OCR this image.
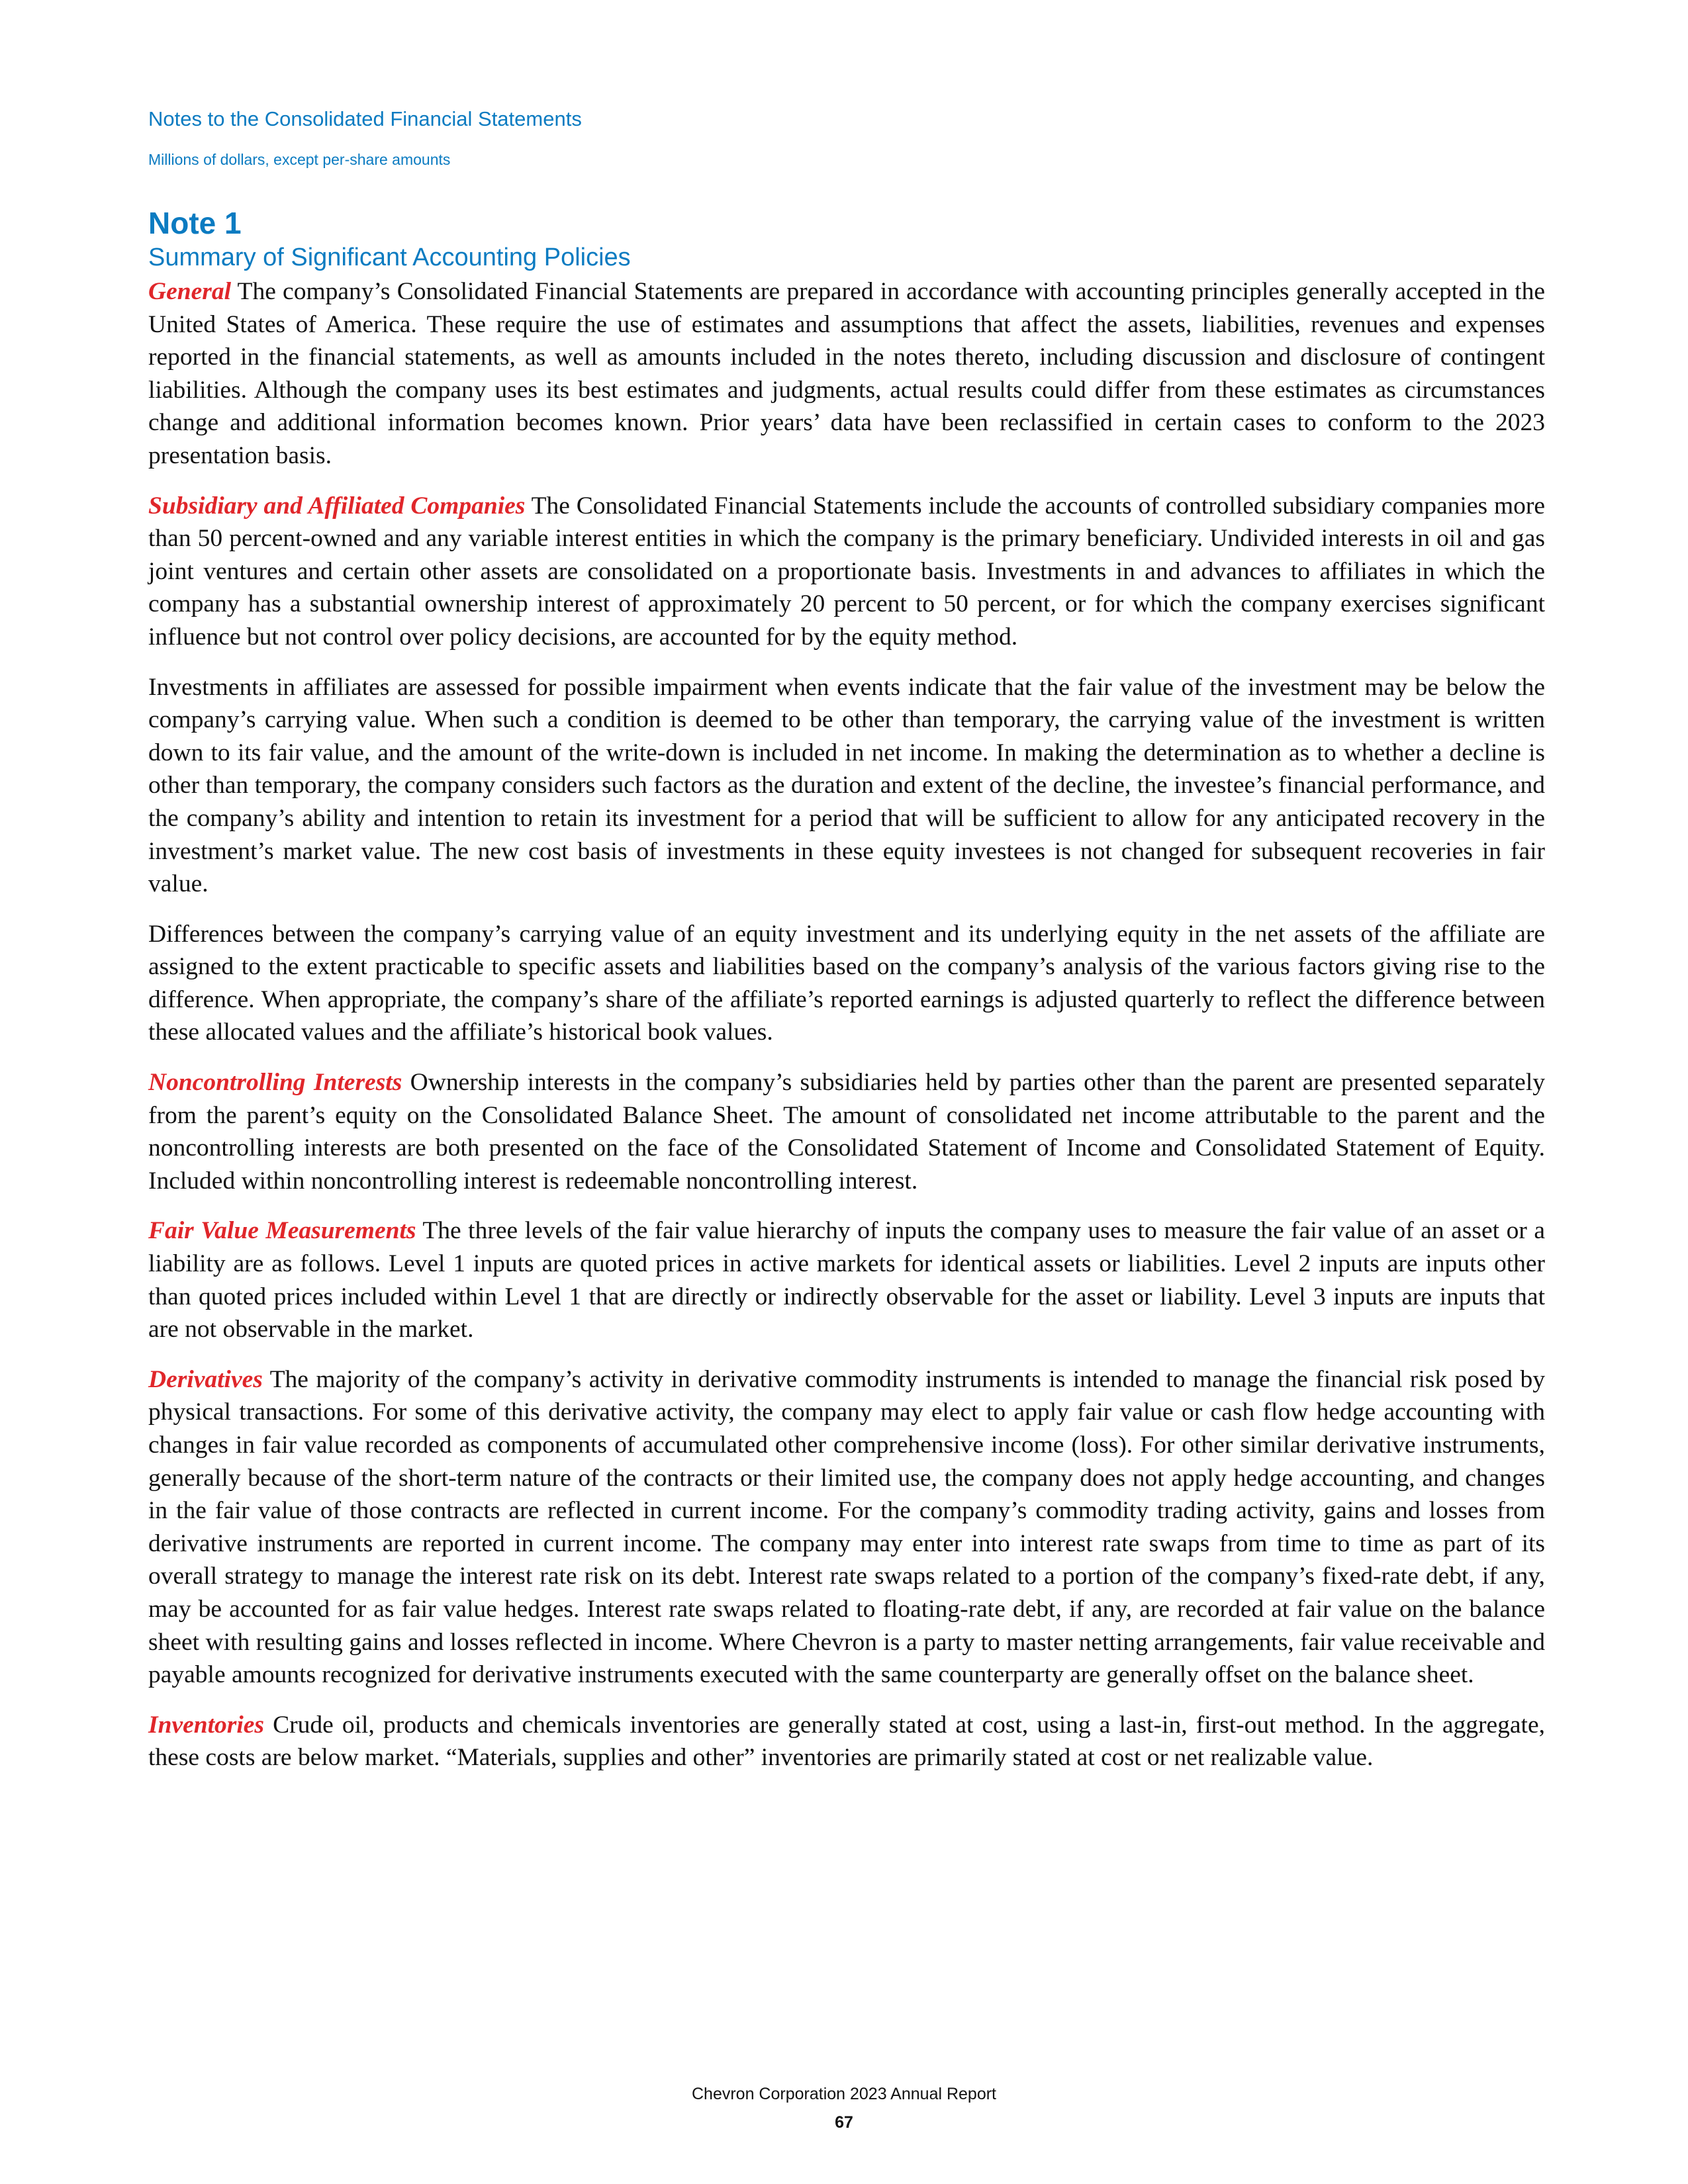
Notes to the Consolidated Financial Statements
Millions of dollars, except per-share amounts
Note 1
Summary of Significant Accounting Policies

General The company’s Consolidated Financial Statements are prepared in accordance with accounting principles generally accepted in the United States of America. These require the use of estimates and assumptions that affect the assets, liabilities, revenues and expenses reported in the financial statements, as well as amounts included in the notes thereto, including discussion and disclosure of contingent liabilities. Although the company uses its best estimates and judgments, actual results could differ from these estimates as circumstances change and additional information becomes known. Prior years’ data have been reclassified in certain cases to conform to the 2023 presentation basis.

Subsidiary and Affiliated Companies The Consolidated Financial Statements include the accounts of controlled subsidiary companies more than 50 percent-owned and any variable interest entities in which the company is the primary beneficiary. Undivided interests in oil and gas joint ventures and certain other assets are consolidated on a proportionate basis. Investments in and advances to affiliates in which the company has a substantial ownership interest of approximately 20 percent to 50 percent, or for which the company exercises significant influence but not control over policy decisions, are accounted for by the equity method.

Investments in affiliates are assessed for possible impairment when events indicate that the fair value of the investment may be below the company’s carrying value. When such a condition is deemed to be other than temporary, the carrying value of the investment is written down to its fair value, and the amount of the write-down is included in net income. In making the determination as to whether a decline is other than temporary, the company considers such factors as the duration and extent of the decline, the investee’s financial performance, and the company’s ability and intention to retain its investment for a period that will be sufficient to allow for any anticipated recovery in the investment’s market value. The new cost basis of investments in these equity investees is not changed for subsequent recoveries in fair value.

Differences between the company’s carrying value of an equity investment and its underlying equity in the net assets of the affiliate are assigned to the extent practicable to specific assets and liabilities based on the company’s analysis of the various factors giving rise to the difference. When appropriate, the company’s share of the affiliate’s reported earnings is adjusted quarterly to reflect the difference between these allocated values and the affiliate’s historical book values.

Noncontrolling Interests Ownership interests in the company’s subsidiaries held by parties other than the parent are presented separately from the parent’s equity on the Consolidated Balance Sheet. The amount of consolidated net income attributable to the parent and the noncontrolling interests are both presented on the face of the Consolidated Statement of Income and Consolidated Statement of Equity. Included within noncontrolling interest is redeemable noncontrolling interest.

Fair Value Measurements The three levels of the fair value hierarchy of inputs the company uses to measure the fair value of an asset or a liability are as follows. Level 1 inputs are quoted prices in active markets for identical assets or liabilities. Level 2 inputs are inputs other than quoted prices included within Level 1 that are directly or indirectly observable for the asset or liability. Level 3 inputs are inputs that are not observable in the market.

Derivatives The majority of the company’s activity in derivative commodity instruments is intended to manage the financial risk posed by physical transactions. For some of this derivative activity, the company may elect to apply fair value or cash flow hedge accounting with changes in fair value recorded as components of accumulated other comprehensive income (loss). For other similar derivative instruments, generally because of the short-term nature of the contracts or their limited use, the company does not apply hedge accounting, and changes in the fair value of those contracts are reflected in current income. For the company’s commodity trading activity, gains and losses from derivative instruments are reported in current income. The company may enter into interest rate swaps from time to time as part of its overall strategy to manage the interest rate risk on its debt. Interest rate swaps related to a portion of the company’s fixed-rate debt, if any, may be accounted for as fair value hedges. Interest rate swaps related to floating-rate debt, if any, are recorded at fair value on the balance sheet with resulting gains and losses reflected in income. Where Chevron is a party to master netting arrangements, fair value receivable and payable amounts recognized for derivative instruments executed with the same counterparty are generally offset on the balance sheet.

Inventories Crude oil, products and chemicals inventories are generally stated at cost, using a last-in, first-out method. In the aggregate, these costs are below market. “Materials, supplies and other” inventories are primarily stated at cost or net realizable value.

Chevron Corporation 2023 Annual Report
67
